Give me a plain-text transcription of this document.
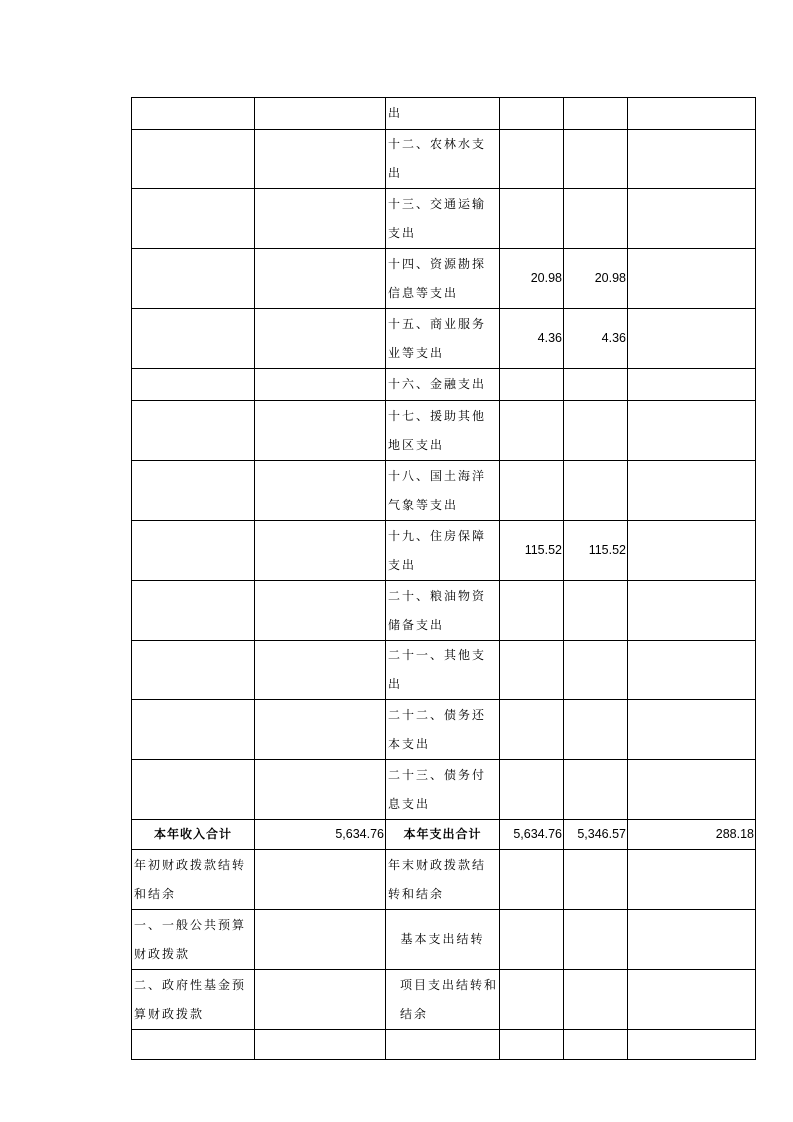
		出			
		十二、农林水支出			
		十三、交通运输支出			
		十四、资源勘探信息等支出	20.98	20.98	
		十五、商业服务业等支出	4.36	4.36	
		十六、金融支出			
		十七、援助其他地区支出			
		十八、国土海洋气象等支出			
		十九、住房保障支出	115.52	115.52	
		二十、粮油物资储备支出			
		二十一、其他支出			
		二十二、债务还本支出			
		二十三、债务付息支出			
本年收入合计	5,634.76	本年支出合计	5,634.76	5,346.57	288.18
年初财政拨款结转和结余		年末财政拨款结转和结余			
一、一般公共预算财政拨款		基本支出结转			
二、政府性基金预算财政拨款		项目支出结转和结余			
